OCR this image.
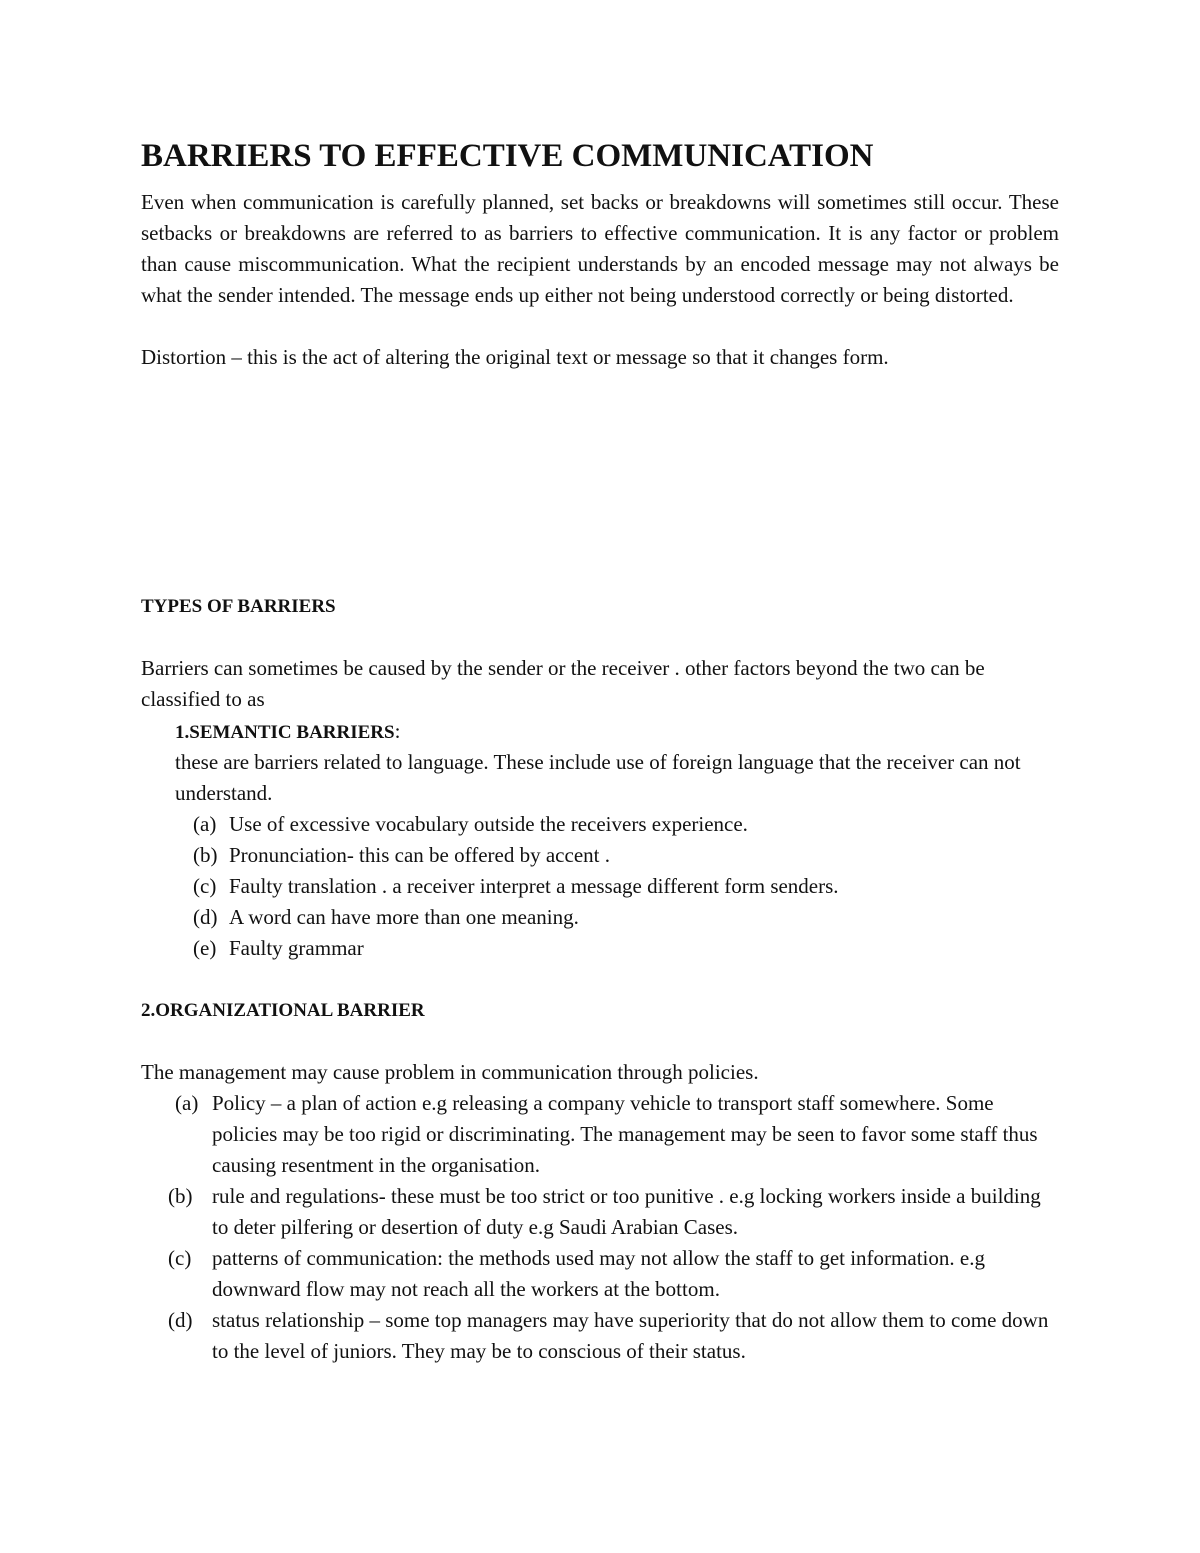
BARRIERS TO EFFECTIVE COMMUNICATION

Even when communication is carefully planned, set backs or breakdowns will sometimes still occur. These setbacks or breakdowns are referred to as barriers to effective communication. It is any factor or problem than cause miscommunication. What the recipient understands by an encoded message may not always be what the sender intended. The message ends up either not being understood correctly or being distorted.

Distortion – this is the act of altering the original text or message so that it changes form.

TYPES OF BARRIERS

Barriers can sometimes be caused by the sender or the receiver . other factors beyond the two can be classified to as

1.SEMANTIC BARRIERS:

these are barriers related to language. These include use of foreign language that the receiver can not understand.

(a) Use of excessive vocabulary outside the receivers experience.
(b) Pronunciation- this can be offered by accent .
(c) Faulty translation . a receiver interpret a message different form senders.
(d) A word can have more than one meaning.
(e) Faulty grammar
2.ORGANIZATIONAL BARRIER

The management may cause problem in communication through policies.

(a) Policy – a plan of action e.g releasing a company vehicle to transport staff somewhere. Some policies may be too rigid or discriminating. The management may be seen to favor some staff thus causing resentment in the organisation.
(b) rule and regulations- these must be too strict or too punitive . e.g locking workers inside a building to deter pilfering or desertion of duty e.g Saudi Arabian Cases.
(c) patterns of communication: the methods used may not allow the staff to get information. e.g downward flow may not reach all the workers at the bottom.
(d) status relationship – some top managers may have superiority that do not allow them to come down to the level of juniors. They may be to conscious of their status.
